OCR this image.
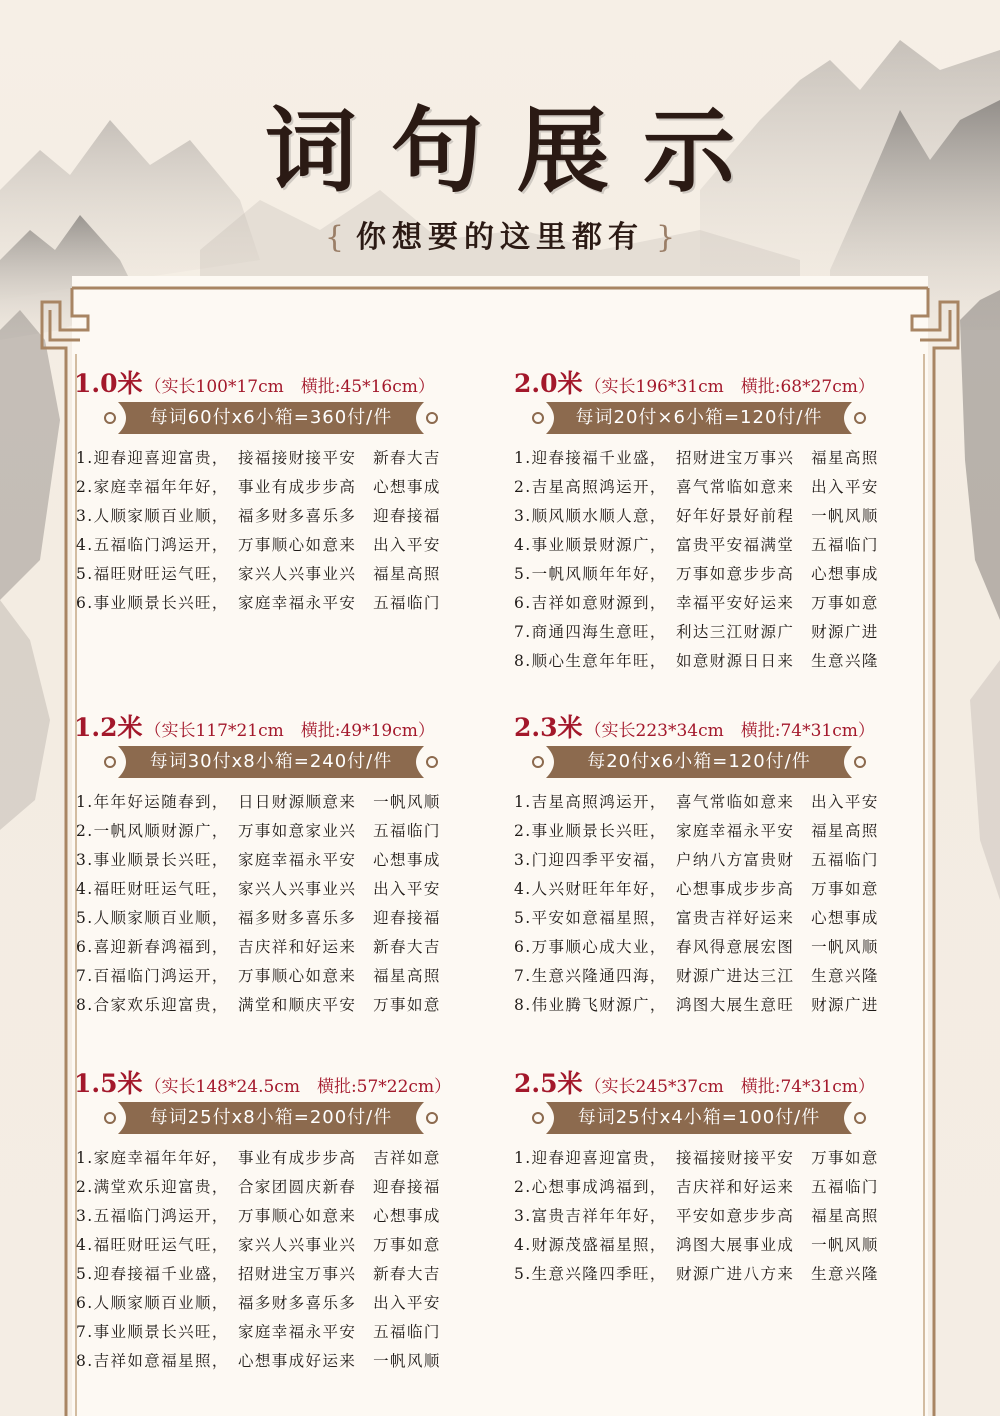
词句展示
{ 你想要的这里都有 }
1.0米 （实长100*17cm　横批:45*16cm）
每词60付x6小箱=360付/件
1.迎春迎喜迎富贵，　接福接财接平安　新春大吉
2.家庭幸福年年好，　事业有成步步高　心想事成
3.人顺家顺百业顺，　福多财多喜乐多　迎春接福
4.五福临门鸿运开，　万事顺心如意来　出入平安
5.福旺财旺运气旺，　家兴人兴事业兴　福星高照
6.事业顺景长兴旺，　家庭幸福永平安　五福临门
2.0米 （实长196*31cm　横批:68*27cm）
每词20付×6小箱=120付/件
1.迎春接福千业盛，　招财进宝万事兴　福星高照
2.吉星高照鸿运开，　喜气常临如意来　出入平安
3.顺风顺水顺人意，　好年好景好前程　一帆风顺
4.事业顺景财源广，　富贵平安福满堂　五福临门
5.一帆风顺年年好，　万事如意步步高　心想事成
6.吉祥如意财源到，　幸福平安好运来　万事如意
7.商通四海生意旺，　利达三江财源广　财源广进
8.顺心生意年年旺，　如意财源日日来　生意兴隆
1.2米 （实长117*21cm　横批:49*19cm）
每词30付x8小箱=240付/件
1.年年好运随春到，　日日财源顺意来　一帆风顺
2.一帆风顺财源广，　万事如意家业兴　五福临门
3.事业顺景长兴旺，　家庭幸福永平安　心想事成
4.福旺财旺运气旺，　家兴人兴事业兴　出入平安
5.人顺家顺百业顺，　福多财多喜乐多　迎春接福
6.喜迎新春鸿福到，　吉庆祥和好运来　新春大吉
7.百福临门鸿运开，　万事顺心如意来　福星高照
8.合家欢乐迎富贵，　满堂和顺庆平安　万事如意
2.3米 （实长223*34cm　横批:74*31cm）
每20付x6小箱=120付/件
1.吉星高照鸿运开，　喜气常临如意来　出入平安
2.事业顺景长兴旺，　家庭幸福永平安　福星高照
3.门迎四季平安福，　户纳八方富贵财　五福临门
4.人兴财旺年年好，　心想事成步步高　万事如意
5.平安如意福星照，　富贵吉祥好运来　心想事成
6.万事顺心成大业，　春风得意展宏图　一帆风顺
7.生意兴隆通四海，　财源广进达三江　生意兴隆
8.伟业腾飞财源广，　鸿图大展生意旺　财源广进
1.5米 （实长148*24.5cm　横批:57*22cm）
每词25付x8小箱=200付/件
1.家庭幸福年年好，　事业有成步步高　吉祥如意
2.满堂欢乐迎富贵，　合家团圆庆新春　迎春接福
3.五福临门鸿运开，　万事顺心如意来　心想事成
4.福旺财旺运气旺，　家兴人兴事业兴　万事如意
5.迎春接福千业盛，　招财进宝万事兴　新春大吉
6.人顺家顺百业顺，　福多财多喜乐多　出入平安
7.事业顺景长兴旺，　家庭幸福永平安　五福临门
8.吉祥如意福星照，　心想事成好运来　一帆风顺
2.5米 （实长245*37cm　横批:74*31cm）
每词25付x4小箱=100付/件
1.迎春迎喜迎富贵，　接福接财接平安　万事如意
2.心想事成鸿福到，　吉庆祥和好运来　五福临门
3.富贵吉祥年年好，　平安如意步步高　福星高照
4.财源茂盛福星照，　鸿图大展事业成　一帆风顺
5.生意兴隆四季旺，　财源广进八方来　生意兴隆
